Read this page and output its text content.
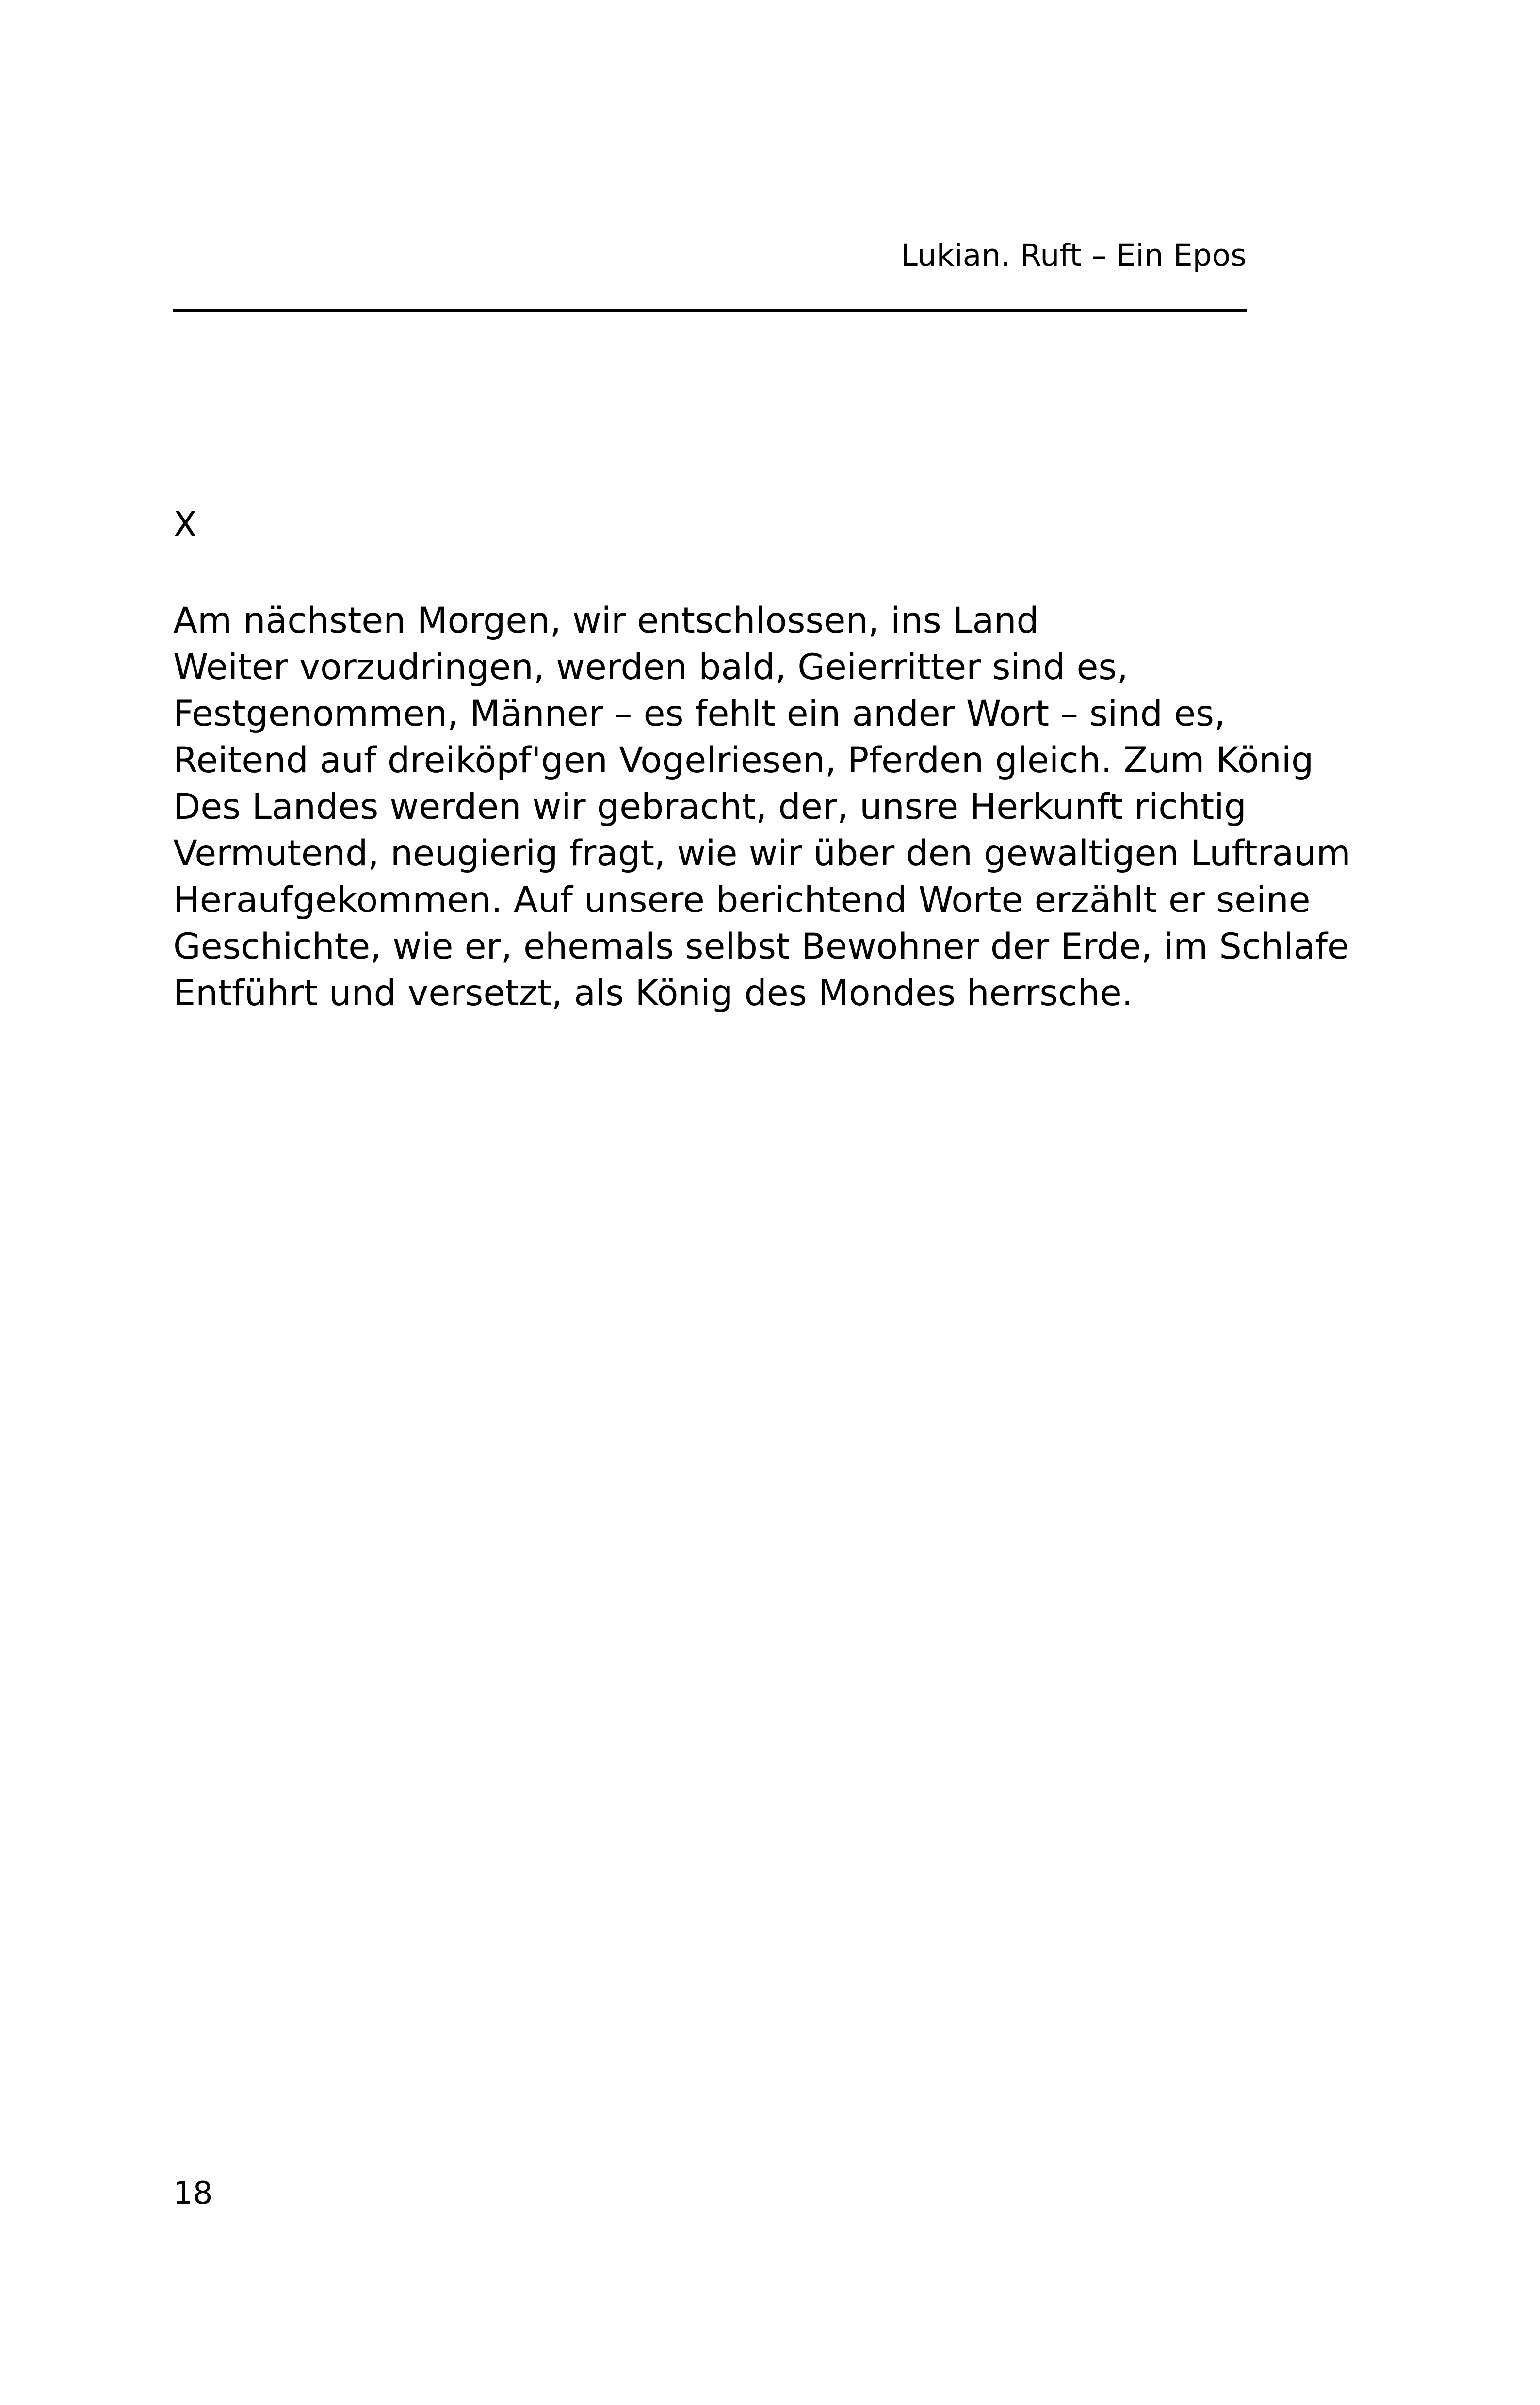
Lukian. Ruft – Ein Epos
X
Am nächsten Morgen, wir entschlossen, ins Land
Weiter vorzudringen, werden bald, Geierritter sind es,
Festgenommen, Männer – es fehlt ein ander Wort – sind es,
Reitend auf dreiköpf'gen Vogelriesen, Pferden gleich. Zum König
Des Landes werden wir gebracht, der, unsre Herkunft richtig
Vermutend, neugierig fragt, wie wir über den gewaltigen Luftraum
Heraufgekommen. Auf unsere berichtend Worte erzählt er seine
Geschichte, wie er, ehemals selbst Bewohner der Erde, im Schlafe
Entführt und versetzt, als König des Mondes herrsche.
18
